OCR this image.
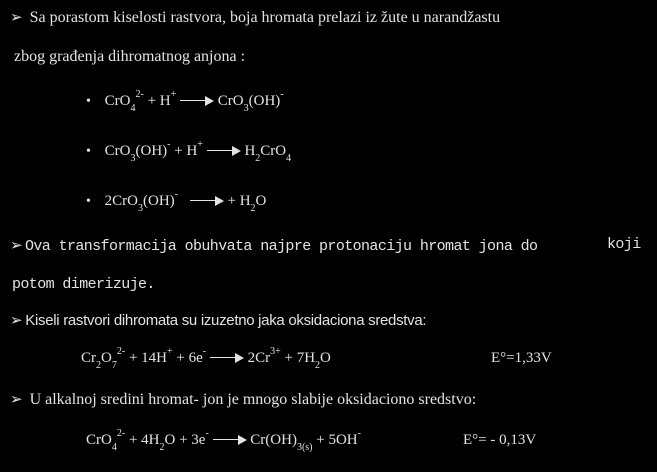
➢ Sa porastom kiselosti rastvora, boja hromata prelazi iz žute u narandžastu
zbog građenja dihromatnog anjona :
• CrO$_4^{2-}$ + H+	CrO$_3$(OH)-
• CrO$_3$(OH)- + H+	$H_2CrO_4$
• 2CrO$_3$(OH)-	+ $H_2O$
➢ Ova transformacija obuhvata najpre protonaciju hromat jona do	koji
potom dimerizuje.
➢ Kiseli rastvori dihromata su izuzetno jaka oksidaciona sredstva:
$Cr_2O_7^{2-} + 14H^+ + 6e^-$	$2Cr^{3+} + 7H_2O$	E°=1,33V
➢ U alkalnoj sredini hromat- jon je mnogo slabije oksidaciono sredstvo:
$CrO_4^{2-} + 4H_2O + 3e^-$	$Cr(OH)_{3(s)} + 5OH^-$	E°= - 0,13V
